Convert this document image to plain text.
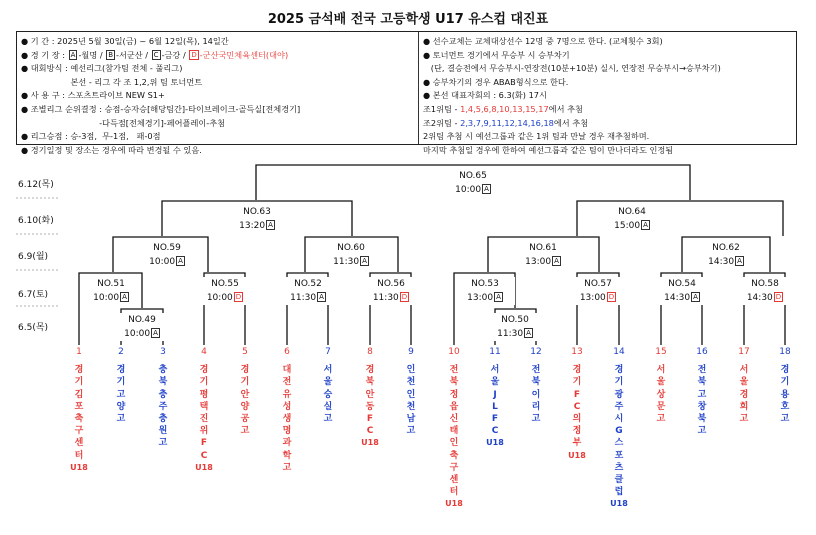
2025 금석배 전국 고등학생 U17 유스컵 대진표
● 기 간 : 2025년 5월 30일(금) ~ 6월 12일(목), 14일간
● 경 기 장 : A -월명 / B -서군산 / C -금강 / D -군산국민체육센터(대야)
● 대회방식 : 예선리그(참가팀 전체 - 풀리그)
본선 - 리그 각 조 1,2,위 팀 토너먼트
● 사 용 구 : 스포츠트라이브 NEW S1+
● 조별리그 순위결정 : 승점-승자승[해당팀간]-타이브레이크-골득실[전체경기]
-다득점[전체경기]-페어플레이-추첨
● 리그승점 : 승-3점,  무-1점,   패-0점
● 경기일정 및 장소는 경우에 따라 변경될 수 있음.
● 선수교체는 교체대상선수 12명 중 7명으로 한다. (교체횟수 3회)
● 토너먼트 경기에서 무승부 시 승부차기
(단, 결승전에서 무승부시-연장전(10분+10분) 실시, 연장전 무승부시→승부차기)
● 승부차기의 경우 ABAB형식으로 한다.
● 본선 대표자회의 : 6.3(화) 17시
조1위팀 - 1,4,5,6,8,10,13,15,17에서 추첨
조2위팀 - 2,3,7,9,11,12,14,16,18에서 추첨
2위팀 추첨 시 예선그룹과 같은 1위 팀과 만날 경우 재추첨하며.
마지막 추첨일 경우에 한하여 예선그룹과 같은 팀이 만나더라도 인정됨
6.12(목)
6.10(화)
6.9(월)
6.7(토)
6.5(목)
NO.65
10:00 A
NO.63
13:20 A
NO.64
15:00 A
NO.59
10:00 A
NO.60
11:30 A
NO.61
13:00 A
NO.62
14:30 A
NO.51
10:00 A
NO.55
10:00 D
NO.52
11:30 A
NO.56
11:30 D
NO.53
13:00 A
NO.57
13:00 D
NO.54
14:30 A
NO.58
14:30 D
NO.49
10:00 A
NO.50
11:30 A
1
경
기
김
포
축
구
센
터
U18
2
경
기
고
양
고
3
충
북
충
주
충
원
고
4
경
기
평
택
진
위
F
C
U18
5
경
기
안
양
공
고
6
대
전
유
성
생
명
과
학
고
7
서
울
숭
실
고
8
경
북
안
동
F
C
U18
9
인
천
인
천
남
고
10
전
북
정
읍
신
태
인
축
구
센
터
U18
11
서
울
J
L
F
C
U18
12
전
북
이
리
고
13
경
기
F
C
의
정
부
U18
14
경
기
광
주
시
G
스
포
츠
클
럽
U18
15
서
울
상
문
고
16
전
북
고
창
북
고
17
서
울
경
희
고
18
경
기
용
호
고
